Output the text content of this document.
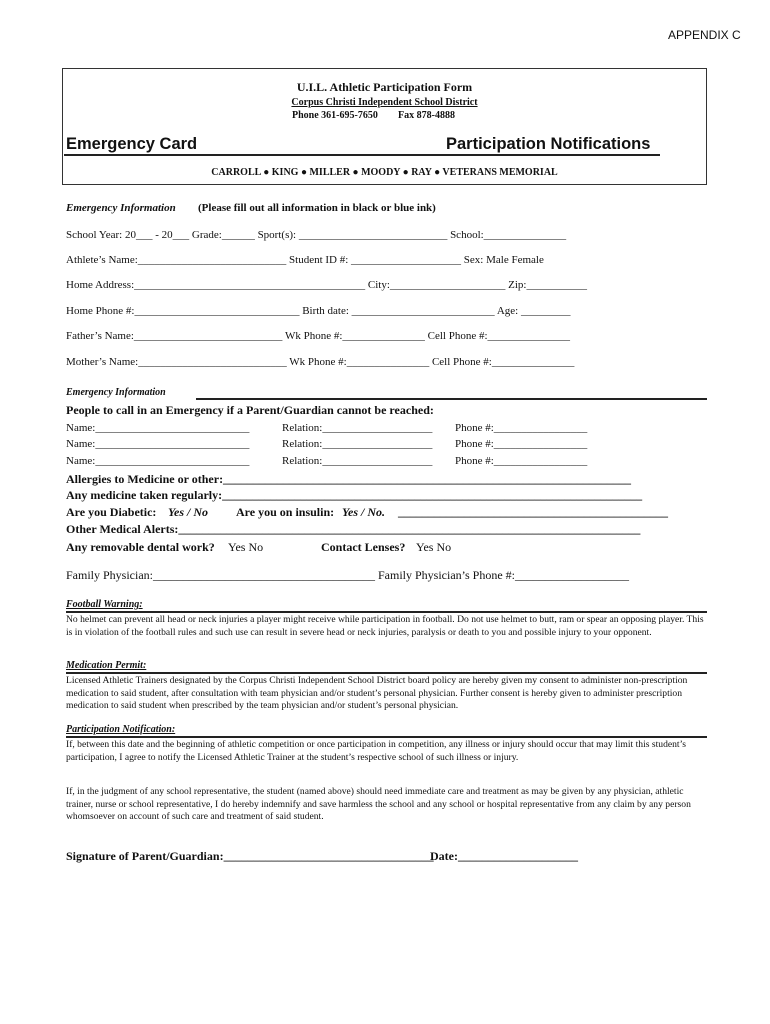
APPENDIX C
U.I.L. Athletic Participation Form
Corpus Christi Independent School District
Phone 361-695-7650 Fax 878-4888
Emergency Card	Participation Notifications
CARROLL ● KING ● MILLER ● MOODY ● RAY ● VETERANS MEMORIAL
Emergency Information (Please fill out all information in black or blue ink)
School Year: 20___ - 20___ Grade:______ Sport(s): ___________________________ School:_______________
Athlete’s Name:___________________________ Student ID #: ____________________ Sex: Male Female
Home Address:__________________________________________ City:_____________________ Zip:___________
Home Phone #:______________________________ Birth date: __________________________ Age: _________
Father’s Name:___________________________ Wk Phone #:_______________ Cell Phone #:_______________
Mother’s Name:___________________________ Wk Phone #:_______________ Cell Phone #:_______________
Emergency Information
People to call in an Emergency if a Parent/Guardian cannot be reached:
Name:____________________________	Relation:____________________ Phone #:_________________
Name:____________________________	Relation:____________________ Phone #:_________________
Name:____________________________	Relation:____________________ Phone #:_________________
Allergies to Medicine or other:____________________________________________________________________
Any medicine taken regularly:______________________________________________________________________
Are you Diabetic: Yes / No Are you on insulin: Yes / No. _____________________________________________
Other Medical Alerts:_____________________________________________________________________________
Any removable dental work? Yes No	Contact Lenses? Yes No
Family Physician:_____________________________________ Family Physician’s Phone #:___________________
Football Warning:
No helmet can prevent all head or neck injuries a player might receive while participation in football. Do not use helmet to butt, ram or spear an opposing player. This is in violation of the football rules and such use can result in severe head or neck injuries, paralysis or death to you and possible injury to your opponent.
Medication Permit:
Licensed Athletic Trainers designated by the Corpus Christi Independent School District board policy are hereby given my consent to administer non-prescription medication to said student, after consultation with team physician and/or student’s personal physician. Further consent is hereby given to administer prescription medication to said student when prescribed by the team physician and/or student’s personal physician.
Participation Notification:
If, between this date and the beginning of athletic competition or once participation in competition, any illness or injury should occur that may limit this student’s participation, I agree to notify the Licensed Athletic Trainer at the student’s respective school of such illness or injury.
If, in the judgment of any school representative, the student (named above) should need immediate care and treatment as may be given by any physician, athletic trainer, nurse or school representative, I do hereby indemnify and save harmless the school and any school or hospital representative from any claim by any person whomsoever on account of such care and treatment of said student.
Signature of Parent/Guardian:___________________________________
Date:____________________
